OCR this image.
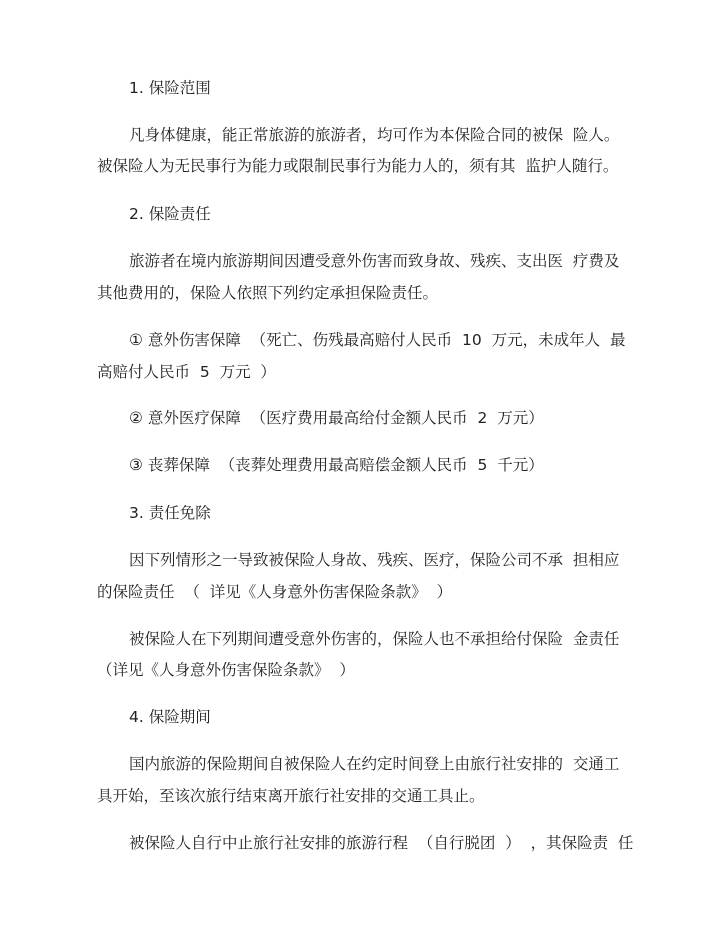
1. 保险范围

凡身体健康，能正常旅游的旅游者，均可作为本保险合同的被保  险人。

被保险人为无民事行为能力或限制民事行为能力人的，须有其  监护人随行。

2. 保险责任

旅游者在境内旅游期间因遭受意外伤害而致身故、残疾、支出医  疗费及

其他费用的，保险人依照下列约定承担保险责任。

① 意外伤害保障  （死亡、伤残最高赔付人民币  10  万元，未成年人  最

高赔付人民币  5  万元  ）

② 意外医疗保障  （医疗费用最高给付金额人民币  2  万元）

③ 丧葬保障  （丧葬处理费用最高赔偿金额人民币  5  千元）

3. 责任免除

因下列情形之一导致被保险人身故、残疾、医疗，保险公司不承  担相应

的保险责任  （  详见《人身意外伤害保险条款》  ）

被保险人在下列期间遭受意外伤害的，保险人也不承担给付保险  金责任

（详见《人身意外伤害保险条款》  ）

4. 保险期间

国内旅游的保险期间自被保险人在约定时间登上由旅行社安排的  交通工

具开始，至该次旅行结束离开旅行社安排的交通工具止。

被保险人自行中止旅行社安排的旅游行程  （自行脱团  ）  ，其保险责  任
